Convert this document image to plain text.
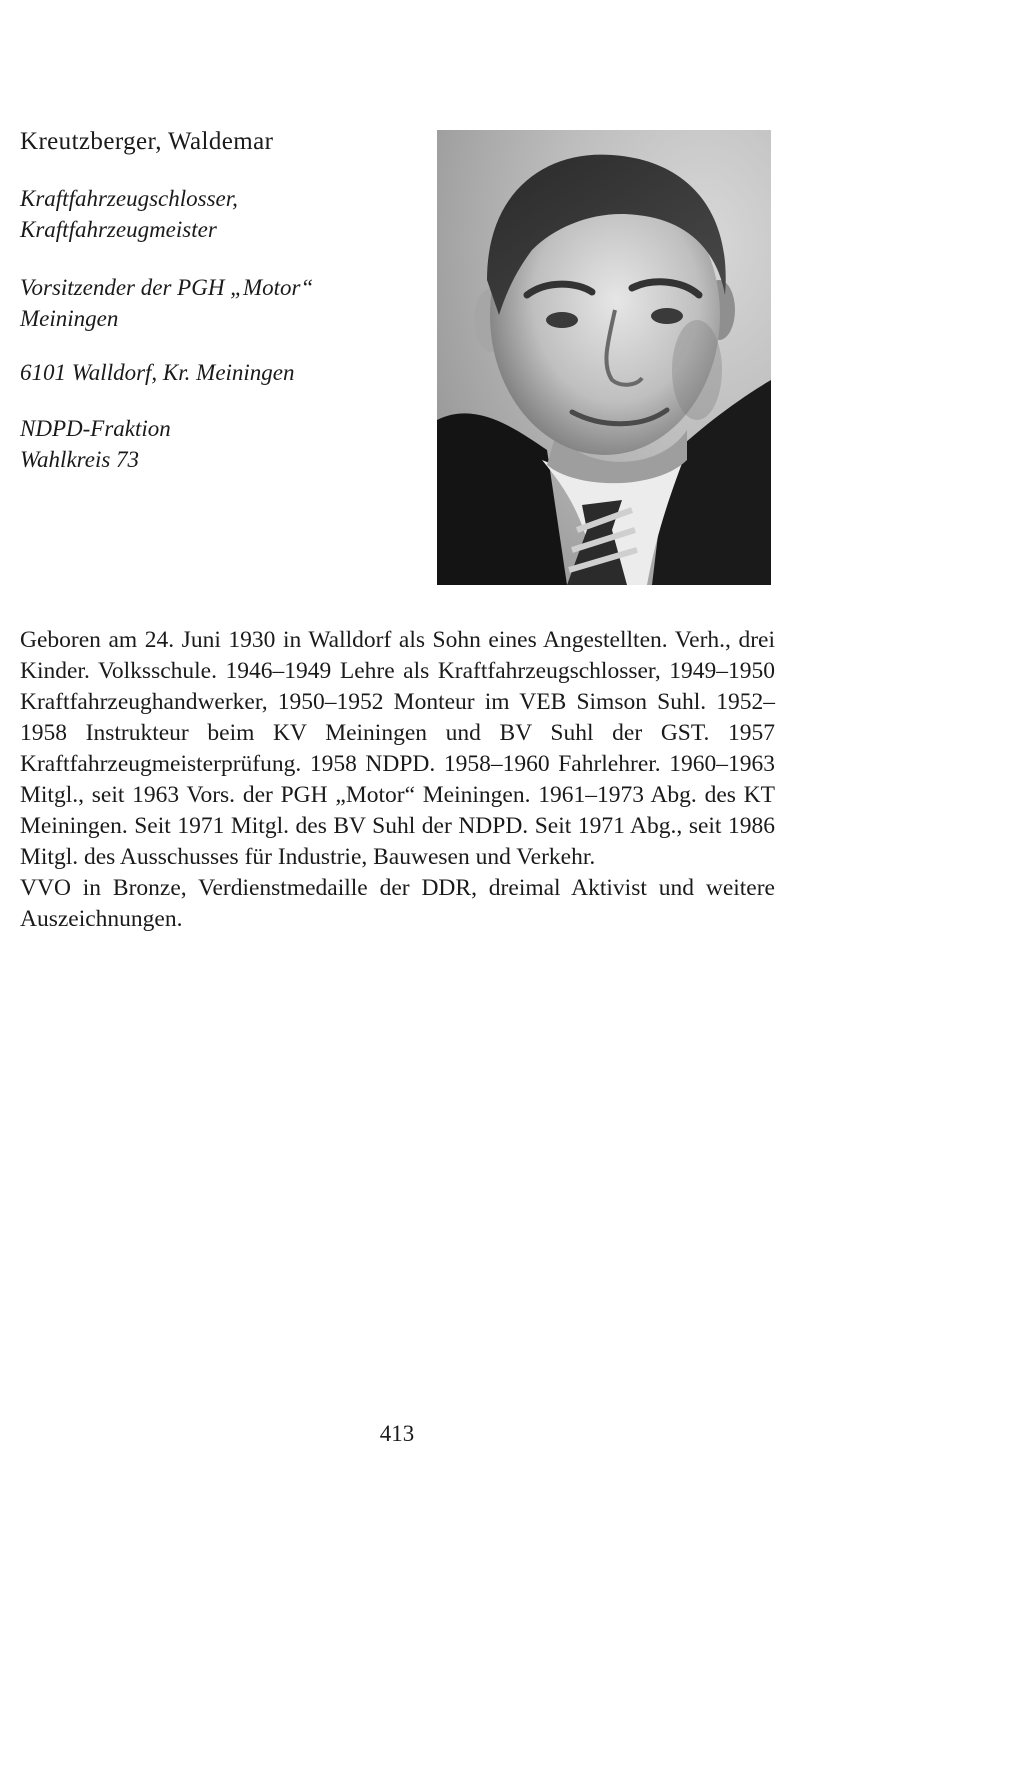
Kreutzberger, Waldemar
Kraftfahrzeugschlosser,
Kraftfahrzeugmeister
Vorsitzender der PGH „Motor“
Meiningen
6101 Walldorf, Kr. Meiningen
NDPD-Fraktion
Wahlkreis 73

Geboren am 24. Juni 1930 in Walldorf als Sohn eines Angestellten. Verh., drei Kinder. Volksschule. 1946–1949 Lehre als Kraftfahrzeugschlosser, 1949–1950 Kraftfahrzeughandwerker, 1950–1952 Monteur im VEB Simson Suhl. 1952–1958 Instrukteur beim KV Meiningen und BV Suhl der GST. 1957 Kraftfahrzeugmeisterprüfung. 1958 NDPD. 1958–1960 Fahrlehrer. 1960–1963 Mitgl., seit 1963 Vors. der PGH „Motor“ Meiningen. 1961–1973 Abg. des KT Meiningen. Seit 1971 Mitgl. des BV Suhl der NDPD. Seit 1971 Abg., seit 1986 Mitgl. des Ausschusses für Industrie, Bauwesen und Verkehr.

VVO in Bronze, Verdienstmedaille der DDR, dreimal Aktivist und weitere Auszeichnungen.

413
